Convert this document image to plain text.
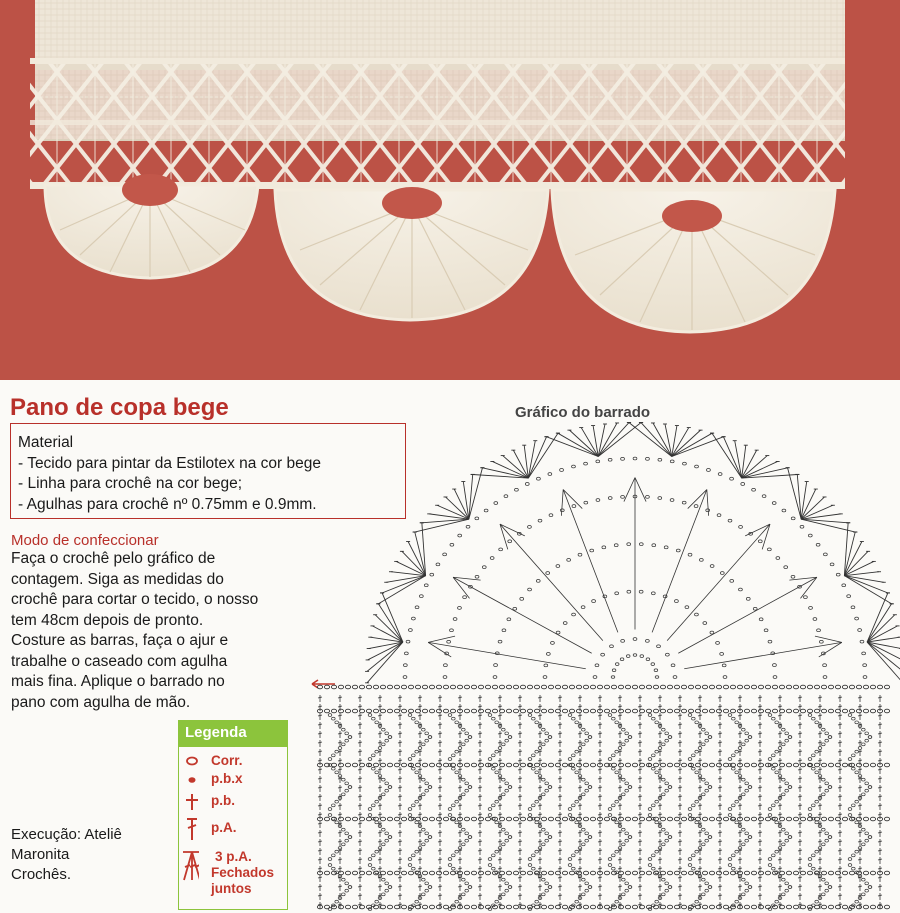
Pano de copa bege	Gráfico do barrado
Material
- Tecido para pintar da Estilotex na cor bege
- Linha para crochê na cor bege;
- Agulhas para crochê nº 0.75mm e 0.9mm.
Modo de confeccionar
Faça o crochê pelo gráfico de
contagem. Siga as medidas do
crochê para cortar o tecido, o nosso
tem 48cm depois de pronto.
Costure as barras, faça o ajur e
trabalhe o caseado com agulha
mais fina. Aplique o barrado no
pano com agulha de mão.
Legenda
Corr.
p.b.x
p.b.
p.A.
3 p.A.
Fechados
juntos
Execução: Ateliê
Maronita
Crochês.
